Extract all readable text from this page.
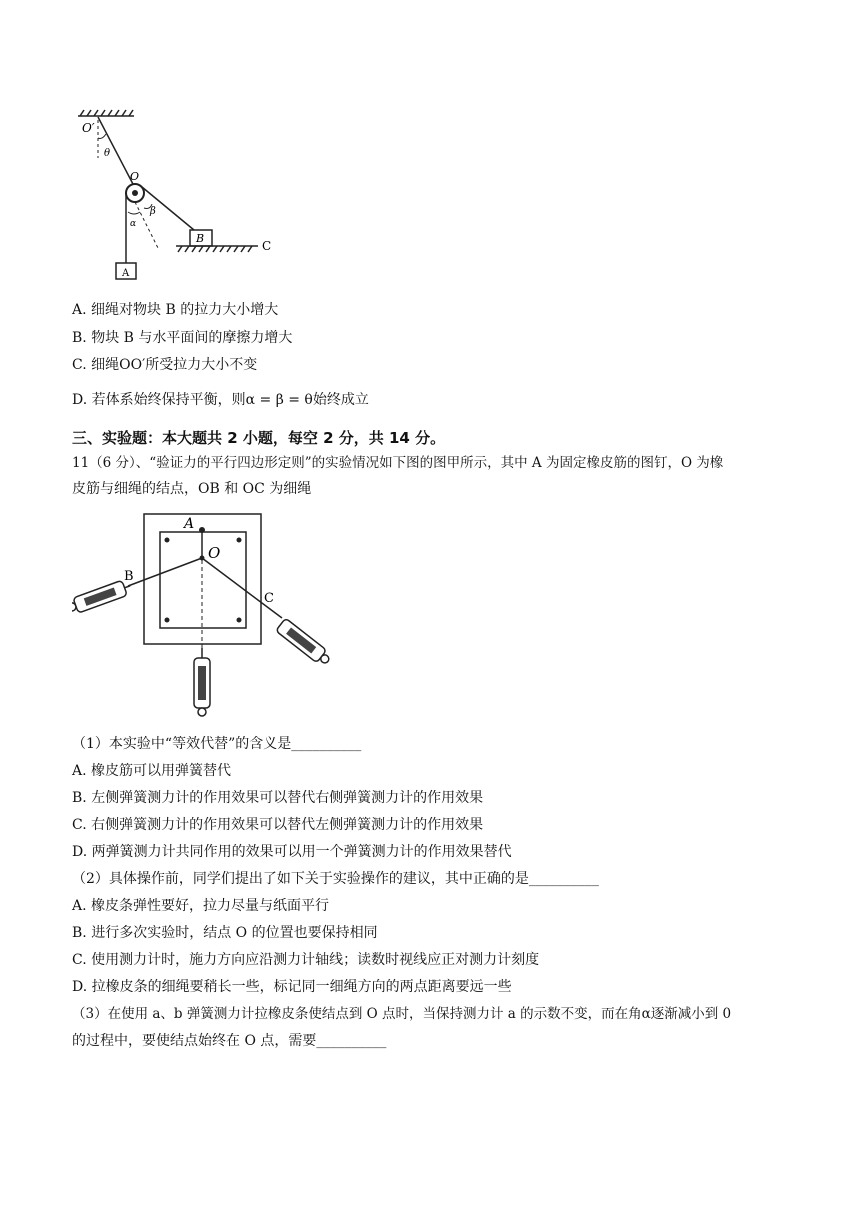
O′
θ
O
β
α
B
C
A
A. 细绳对物块 B 的拉力大小增大
B. 物块 B 与水平面间的摩擦力增大
C. 细绳OO′所受拉力大小不变
D. 若体系始终保持平衡，则α = β = θ始终成立
三、实验题：本大题共 2 小题，每空 2 分，共 14 分。
11（6 分）、“验证力的平行四边形定则”的实验情况如下图的图甲所示，其中 A 为固定橡皮筋的图钉，O 为橡
皮筋与细绳的结点，OB 和 OC 为细绳
A
O
B
C
（1）本实验中“等效代替”的含义是__________
A. 橡皮筋可以用弹簧替代
B. 左侧弹簧测力计的作用效果可以替代右侧弹簧测力计的作用效果
C. 右侧弹簧测力计的作用效果可以替代左侧弹簧测力计的作用效果
D. 两弹簧测力计共同作用的效果可以用一个弹簧测力计的作用效果替代
（2）具体操作前，同学们提出了如下关于实验操作的建议，其中正确的是__________
A. 橡皮条弹性要好，拉力尽量与纸面平行
B. 进行多次实验时，结点 O 的位置也要保持相同
C. 使用测力计时，施力方向应沿测力计轴线；读数时视线应正对测力计刻度
D. 拉橡皮条的细绳要稍长一些，标记同一细绳方向的两点距离要远一些
（3）在使用 a、b 弹簧测力计拉橡皮条使结点到 O 点时，当保持测力计 a 的示数不变，而在角α逐渐减小到 0
的过程中，要使结点始终在 O 点，需要__________
